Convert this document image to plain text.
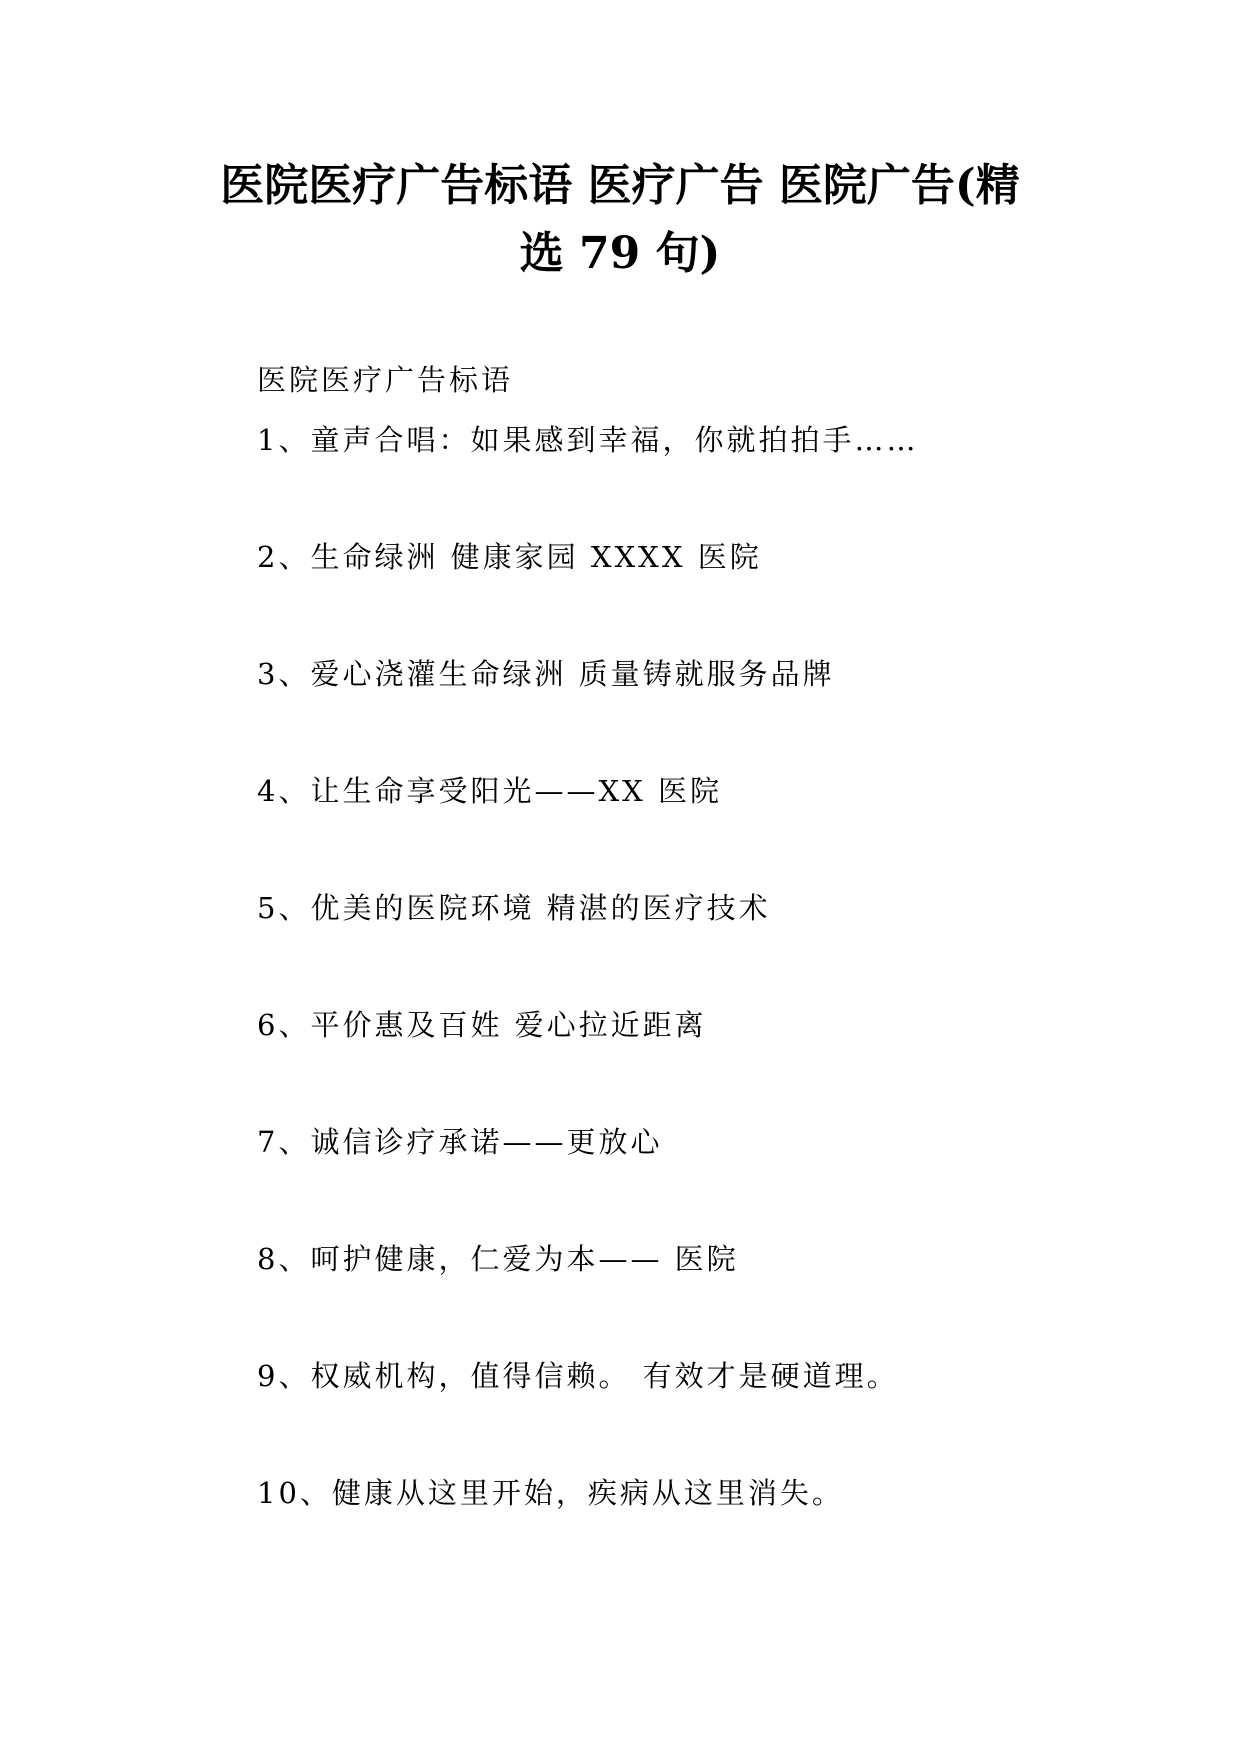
医院医疗广告标语 医疗广告 医院广告(精
选 79 句)

医院医疗广告标语

1、童声合唱：如果感到幸福，你就拍拍手……
2、生命绿洲 健康家园 XXXX 医院
3、爱心浇灌生命绿洲 质量铸就服务品牌
4、让生命享受阳光——XX 医院
5、优美的医院环境 精湛的医疗技术
6、平价惠及百姓 爱心拉近距离
7、诚信诊疗承诺——更放心
8、呵护健康，仁爱为本—— 医院
9、权威机构，值得信赖。 有效才是硬道理。
10、健康从这里开始，疾病从这里消失。
